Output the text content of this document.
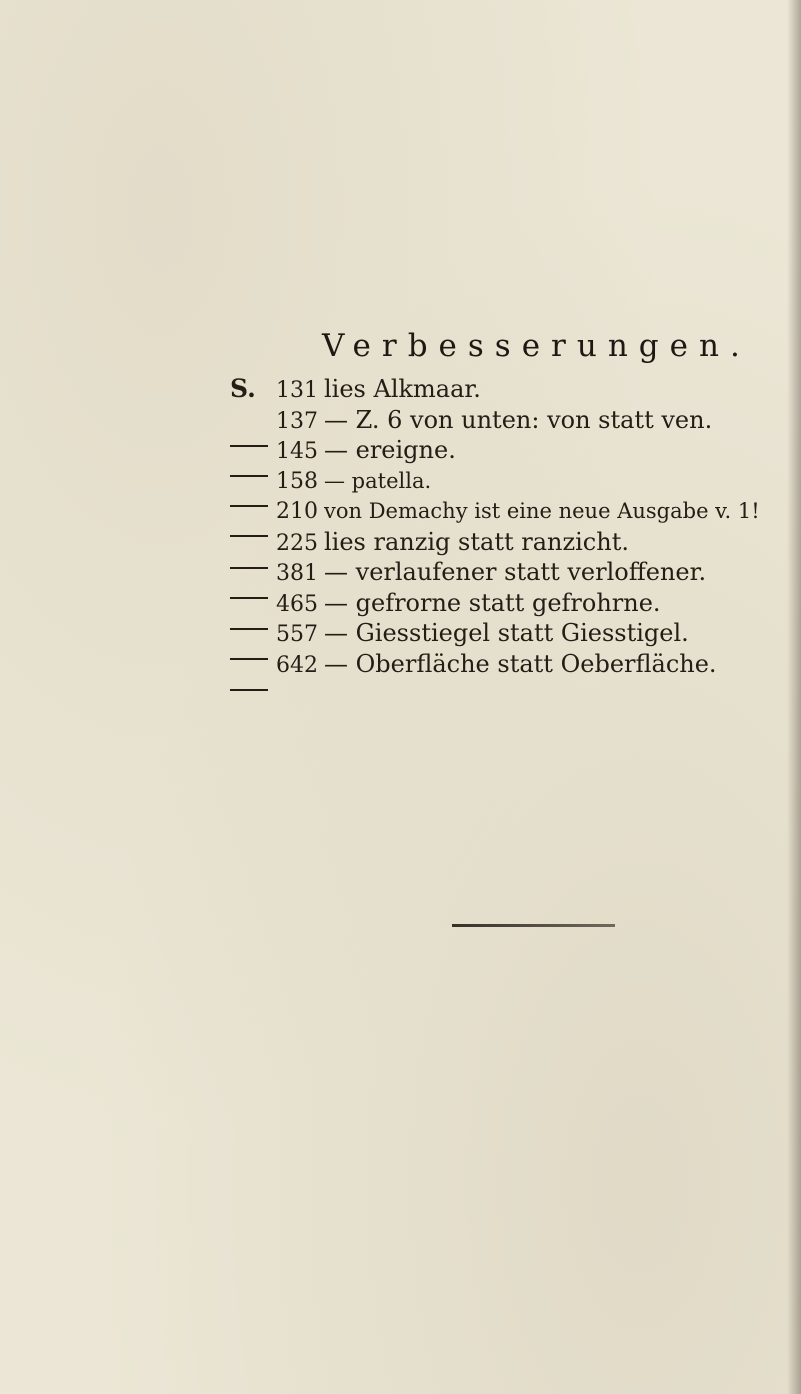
Verbesserungen.
S. 131 lies Alkmaar.
137 — Z. 6 von unten: von statt ven.
145 — ereigne.
158 — patella.
210 von Demachy ist eine neue Ausgabe v. 1!
225 lies ranzig statt ranzicht.
381 — verlaufener statt verloffener.
465 — gefrorne statt gefrohrne.
557 — Giesstiegel statt Giesstigel.
642 — Oberfläche statt Oeberfläche.
